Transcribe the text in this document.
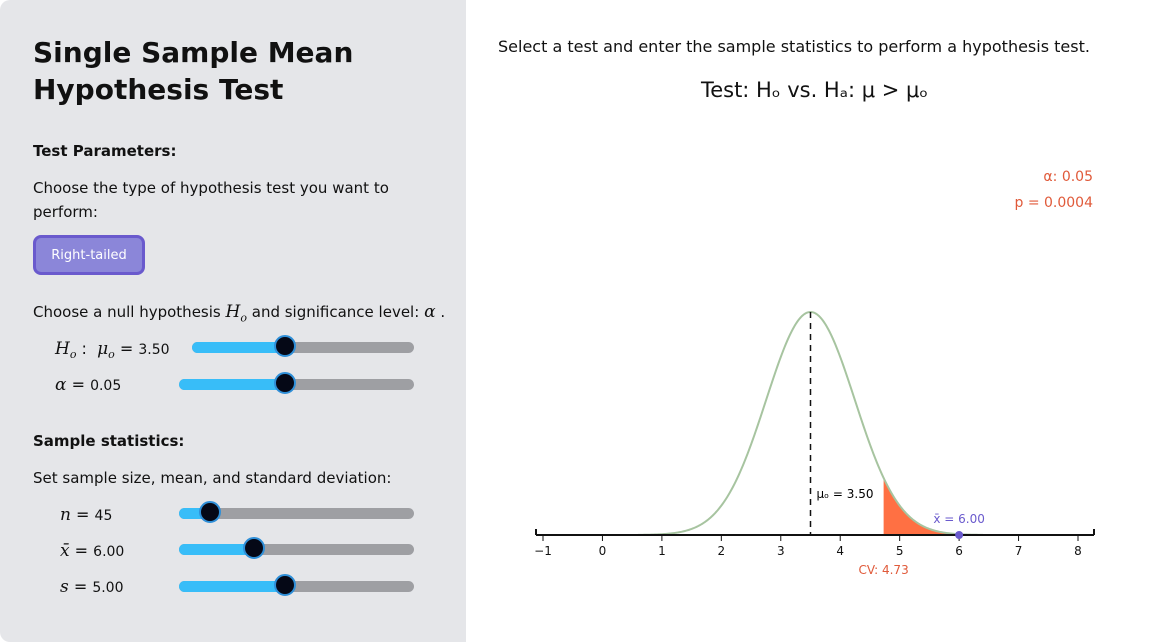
Single Sample Mean Hypothesis Test

Test Parameters:

Choose the type of hypothesis test you want to perform:

Right-tailed

Choose a null hypothesis $H_o$ and significance level: α .

$H_o$ :  $\mu_o = 3.50$
α = 0.05

Sample statistics:

Set sample size, mean, and standard deviation:

n = 45
x̄ = 6.00
s = 5.00

Select a test and enter the sample statistics to perform a hypothesis test.

Test: Hₒ vs. Hₐ: μ > μₒ

α: 0.05
p = 0.0004
μₒ = 3.50
−1	0	1	2	3	4	5	6	7	8
x̄ = 6.00
CV: 4.73
